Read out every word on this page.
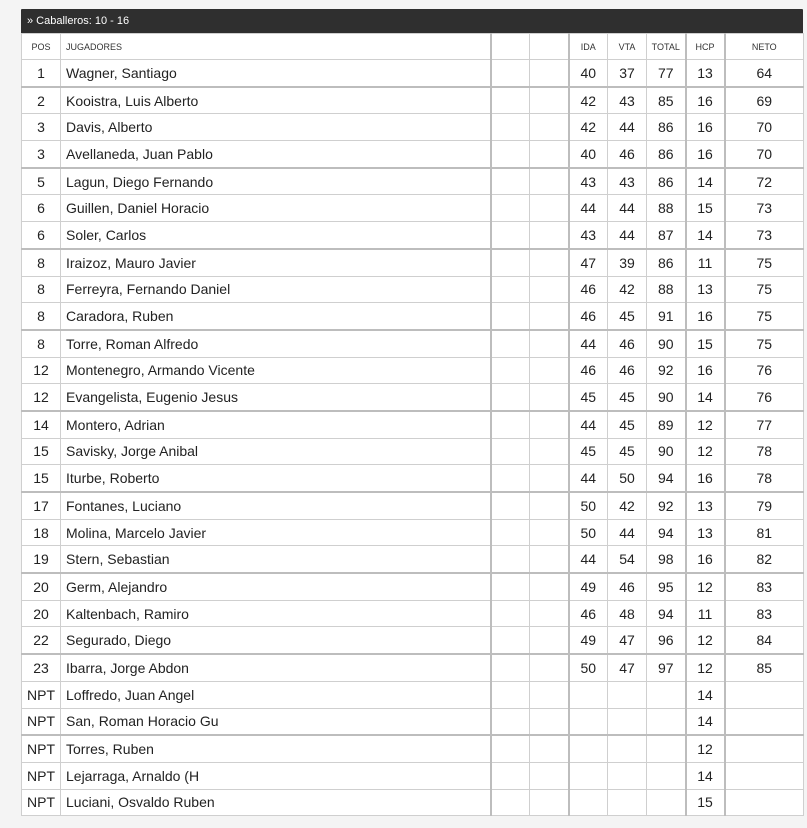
» Caballeros: 10 - 16
POS	JUGADORES			IDA	VTA	TOTAL	HCP	NETO
1	Wagner, Santiago			40	37	77	13	64
2	Kooistra, Luis Alberto			42	43	85	16	69
3	Davis, Alberto			42	44	86	16	70
3	Avellaneda, Juan Pablo			40	46	86	16	70
5	Lagun, Diego Fernando			43	43	86	14	72
6	Guillen, Daniel Horacio			44	44	88	15	73
6	Soler, Carlos			43	44	87	14	73
8	Iraizoz, Mauro Javier			47	39	86	11	75
8	Ferreyra, Fernando Daniel			46	42	88	13	75
8	Caradora, Ruben			46	45	91	16	75
8	Torre, Roman Alfredo			44	46	90	15	75
12	Montenegro, Armando Vicente			46	46	92	16	76
12	Evangelista, Eugenio Jesus			45	45	90	14	76
14	Montero, Adrian			44	45	89	12	77
15	Savisky, Jorge Anibal			45	45	90	12	78
15	Iturbe, Roberto			44	50	94	16	78
17	Fontanes, Luciano			50	42	92	13	79
18	Molina, Marcelo Javier			50	44	94	13	81
19	Stern, Sebastian			44	54	98	16	82
20	Germ, Alejandro			49	46	95	12	83
20	Kaltenbach, Ramiro			46	48	94	11	83
22	Segurado, Diego			49	47	96	12	84
23	Ibarra, Jorge Abdon			50	47	97	12	85
NPT	Loffredo, Juan Angel						14	
NPT	San, Roman Horacio Gu						14	
NPT	Torres, Ruben						12	
NPT	Lejarraga, Arnaldo (H						14	
NPT	Luciani, Osvaldo Ruben						15	
